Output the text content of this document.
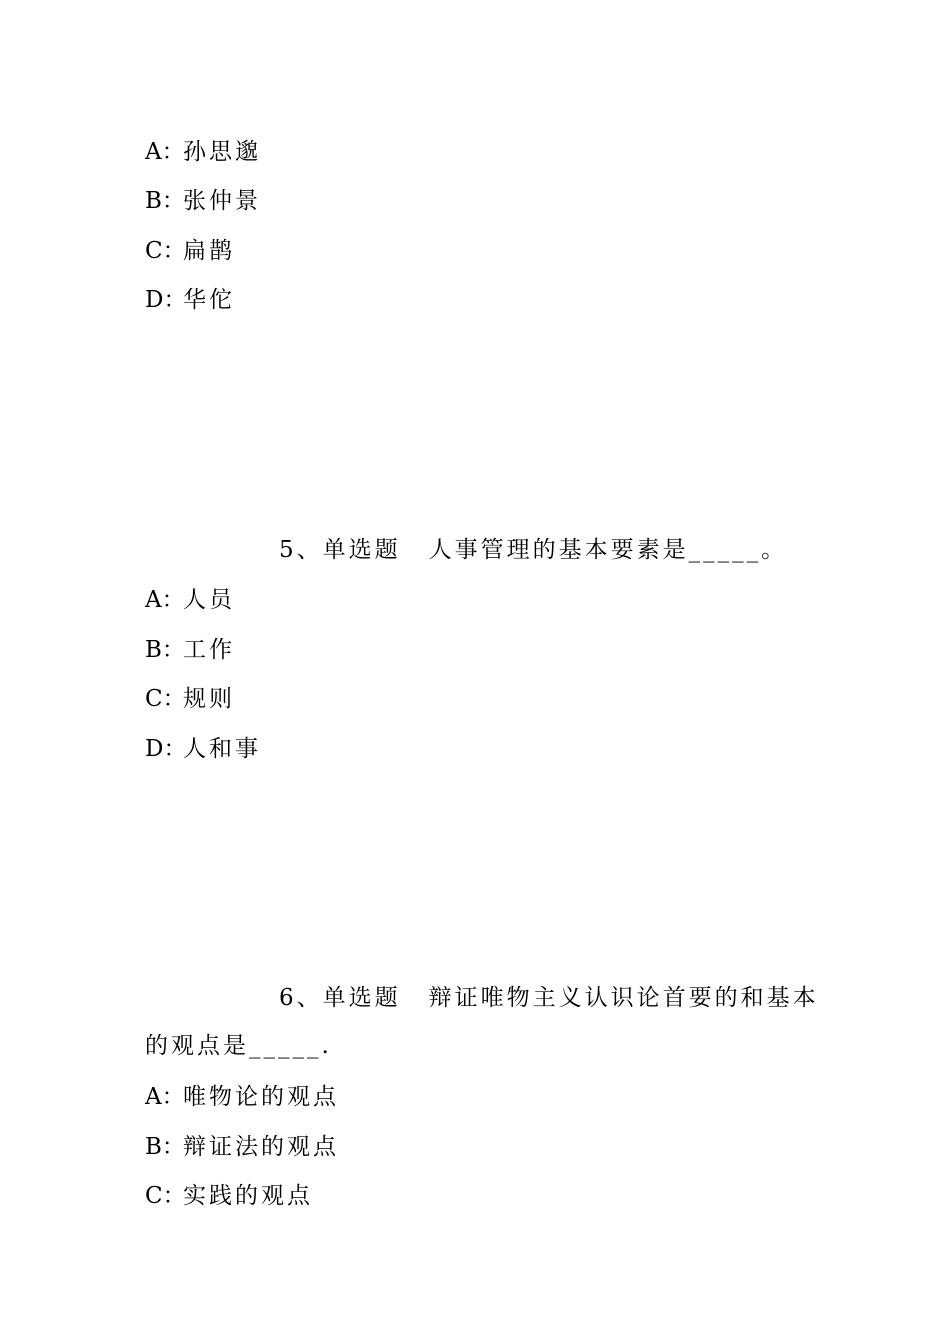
A：孙思邈
B：张仲景
C：扁鹊
D：华佗
5、单选题 人事管理的基本要素是_____。
A：人员
B：工作
C：规则
D：人和事
6、单选题 辩证唯物主义认识论首要的和基本
的观点是_____.
A：唯物论的观点
B：辩证法的观点
C：实践的观点
